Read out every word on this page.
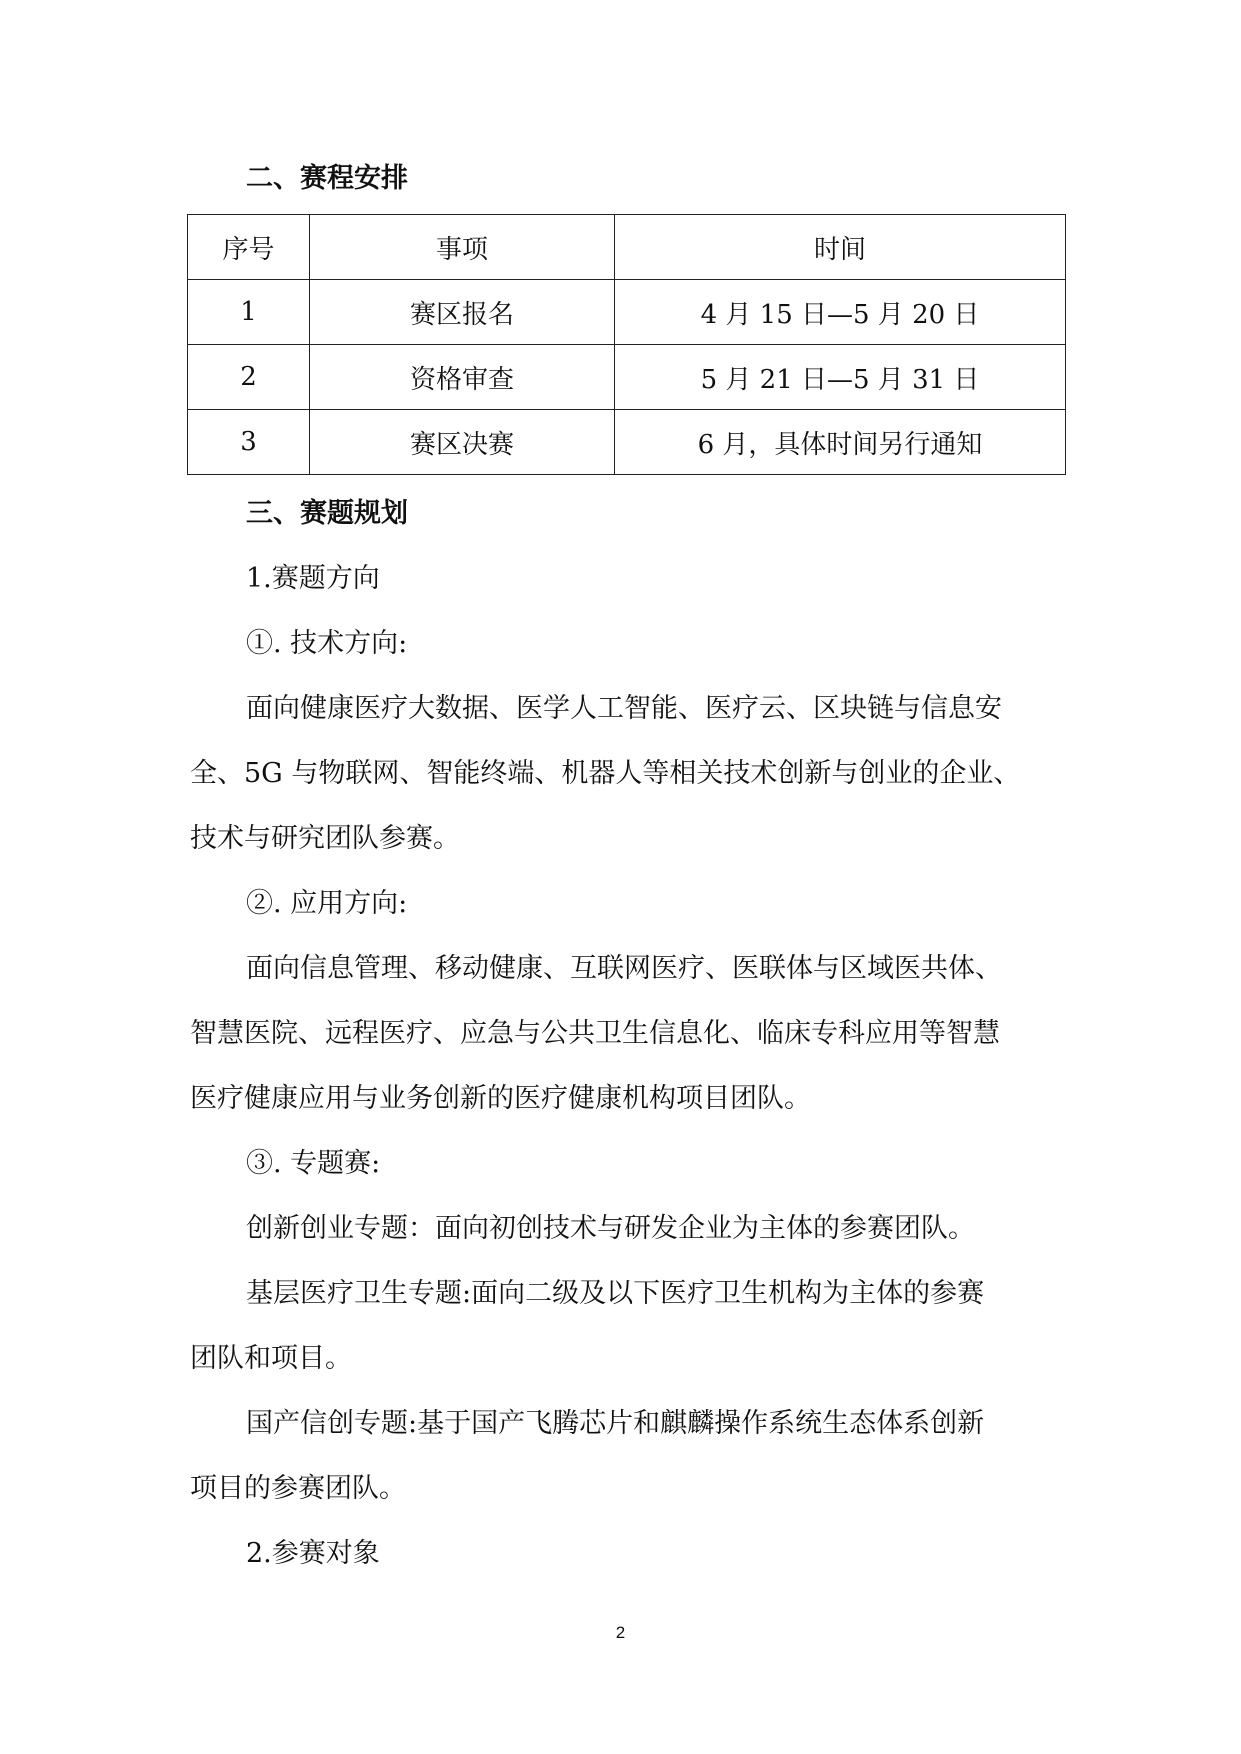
二、赛程安排
序号	事项	时间
1	赛区报名	4 月 15 日—5 月 20 日
2	资格审查	5 月 21 日—5 月 31 日
3	赛区决赛	6 月，具体时间另行通知
三、赛题规划
1.赛题方向
①. 技术方向:
面向健康医疗大数据、医学人工智能、医疗云、区块链与信息安
全、5G 与物联网、智能终端、机器人等相关技术创新与创业的企业、
技术与研究团队参赛。
②. 应用方向:
面向信息管理、移动健康、互联网医疗、医联体与区域医共体、
智慧医院、远程医疗、应急与公共卫生信息化、临床专科应用等智慧
医疗健康应用与业务创新的医疗健康机构项目团队。
③. 专题赛:
创新创业专题：面向初创技术与研发企业为主体的参赛团队。
基层医疗卫生专题:面向二级及以下医疗卫生机构为主体的参赛
团队和项目。
国产信创专题:基于国产飞腾芯片和麒麟操作系统生态体系创新
项目的参赛团队。
2.参赛对象
2
